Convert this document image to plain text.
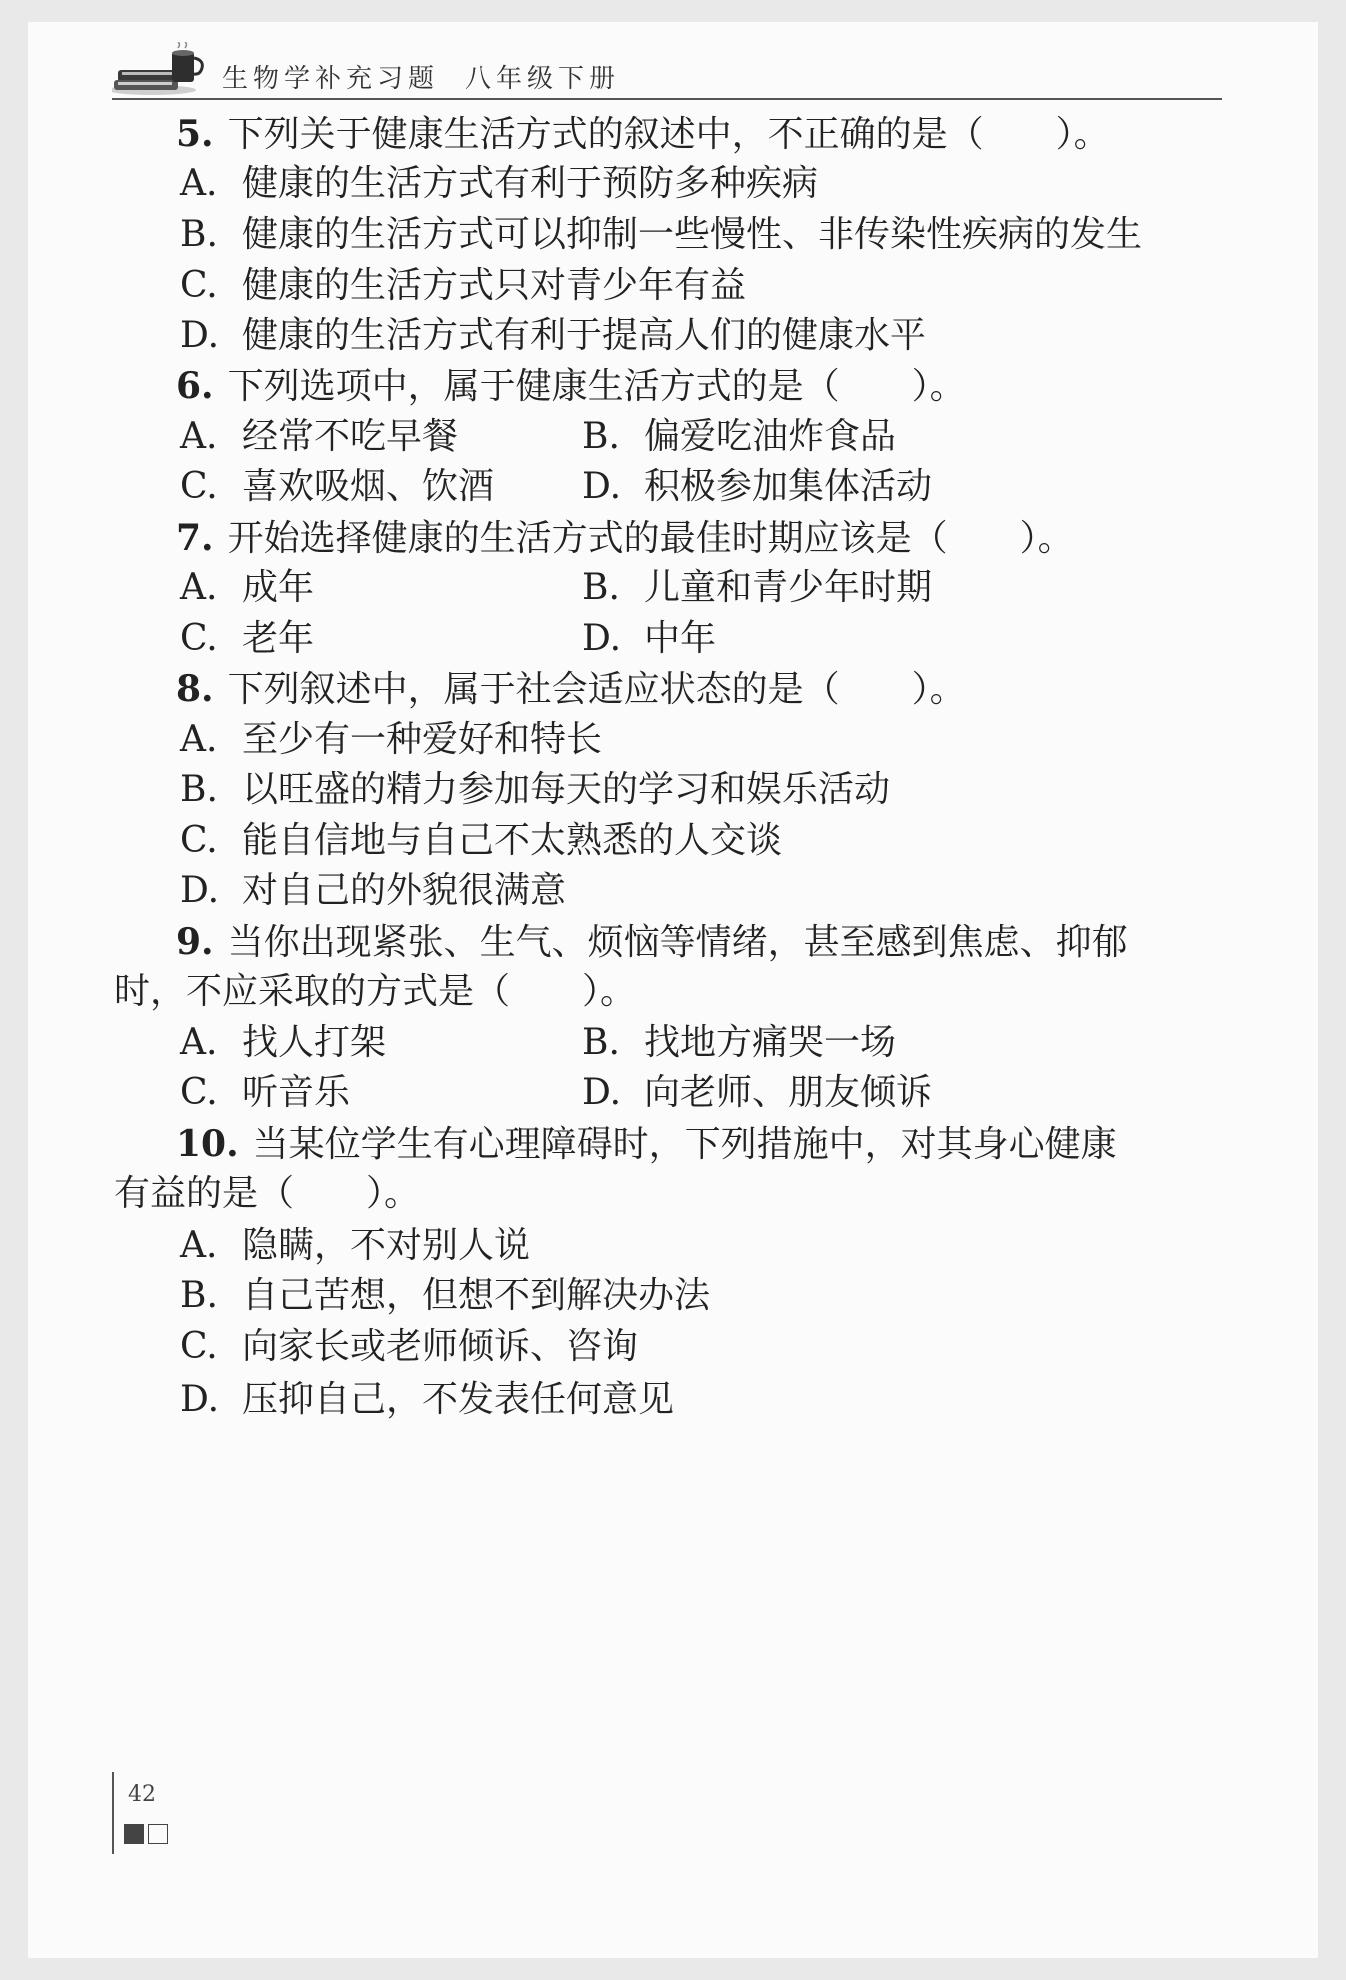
生物学补充习题 八年级下册
5. 下列关于健康生活方式的叙述中，不正确的是（　　）。
A. 健康的生活方式有利于预防多种疾病
B. 健康的生活方式可以抑制一些慢性、非传染性疾病的发生
C. 健康的生活方式只对青少年有益
D. 健康的生活方式有利于提高人们的健康水平
6. 下列选项中，属于健康生活方式的是（　　）。
A. 经常不吃早餐	B. 偏爱吃油炸食品
C. 喜欢吸烟、饮酒 D. 积极参加集体活动
7. 开始选择健康的生活方式的最佳时期应该是（　　）。
A. 成年	B. 儿童和青少年时期
C. 老年	D. 中年
8. 下列叙述中，属于社会适应状态的是（　　）。
A. 至少有一种爱好和特长
B. 以旺盛的精力参加每天的学习和娱乐活动
C. 能自信地与自己不太熟悉的人交谈
D. 对自己的外貌很满意
9. 当你出现紧张、生气、烦恼等情绪，甚至感到焦虑、抑郁
时，不应采取的方式是（　　）。
A. 找人打架	B. 找地方痛哭一场
C. 听音乐	D. 向老师、朋友倾诉
10. 当某位学生有心理障碍时，下列措施中，对其身心健康
有益的是（　　）。
A. 隐瞒，不对别人说
B. 自己苦想，但想不到解决办法
C. 向家长或老师倾诉、咨询
D. 压抑自己，不发表任何意见
42
